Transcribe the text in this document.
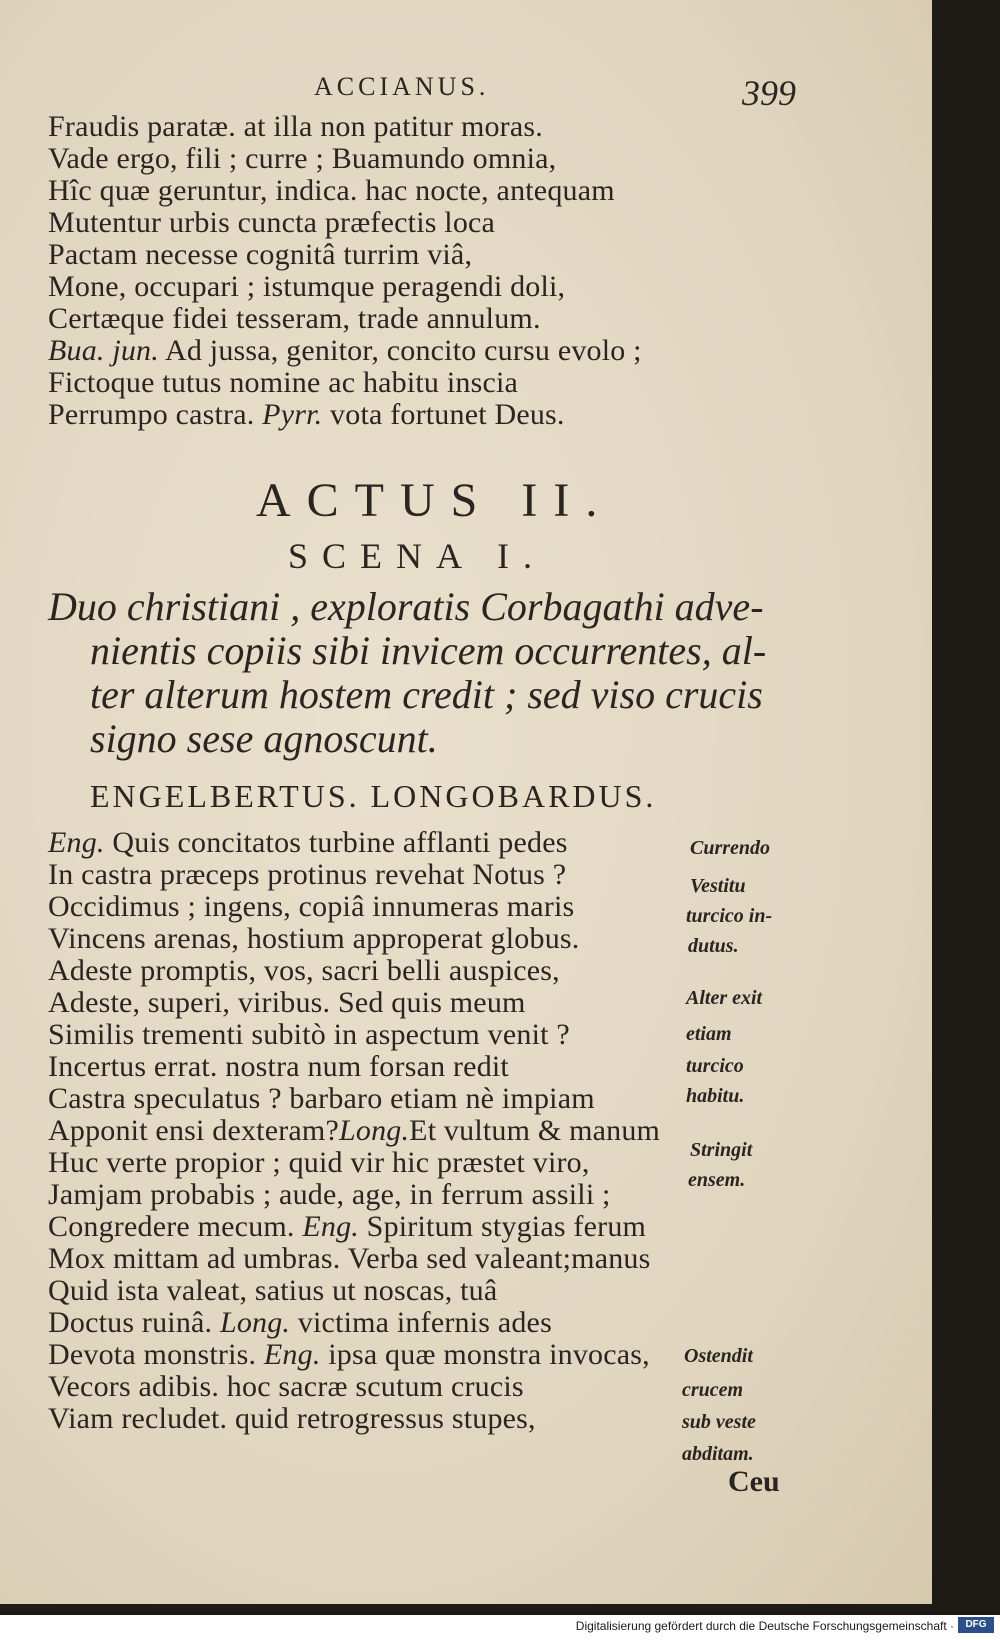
ACCIANUS.	399
Fraudis paratæ. at illa non patitur moras.
Vade ergo, fili ; curre ; Buamundo omnia,
Hîc quæ geruntur, indica. hac nocte, antequam
Mutentur urbis cuncta præfectis loca
Pactam necesse cognitâ turrim viâ,
Mone, occupari ; istumque peragendi doli,
Certæque fidei tesseram, trade annulum.
Bua. jun. Ad jussa, genitor, concito cursu evolo ;
Fictoque tutus nomine ac habitu inscia
Perrumpo castra. Pyrr. vota fortunet Deus.
ACTUS II.
SCENA I.
Duo christiani , exploratis Corbagathi adve-
nientis copiis sibi invicem occurrentes, al-
ter alterum hostem credit ; sed viso crucis
signo sese agnoscunt.
ENGELBERTUS. LONGOBARDUS.
Eng. Quis concitatos turbine afflanti pedes
In castra præceps protinus revehat Notus ?
Occidimus ; ingens, copiâ innumeras maris
Vincens arenas, hostium approperat globus.
Adeste promptis, vos, sacri belli auspices,
Adeste, superi, viribus. Sed quis meum
Similis trementi subitò in aspectum venit ?
Incertus errat. nostra num forsan redit
Castra speculatus ? barbaro etiam nè impiam
Apponit ensi dexteram?Long.Et vultum & manum
Huc verte propior ; quid vir hic præstet viro,
Jamjam probabis ; aude, age, in ferrum assili ;
Congredere mecum. Eng. Spiritum stygias ferum
Mox mittam ad umbras. Verba sed valeant;manus
Quid ista valeat, satius ut noscas, tuâ
Doctus ruinâ. Long. victima infernis ades
Devota monstris. Eng. ipsa quæ monstra invocas,
Vecors adibis. hoc sacræ scutum crucis
Viam recludet. quid retrogressus stupes,
Currendo
Vestitu
turcico in-
dutus.
Alter exit
etiam
turcico
habitu.
Stringit
ensem.
Ostendit
crucem
sub veste
abditam.
Ceu
Digitalisierung gefördert durch die Deutsche Forschungsgemeinschaft ·	DFG
